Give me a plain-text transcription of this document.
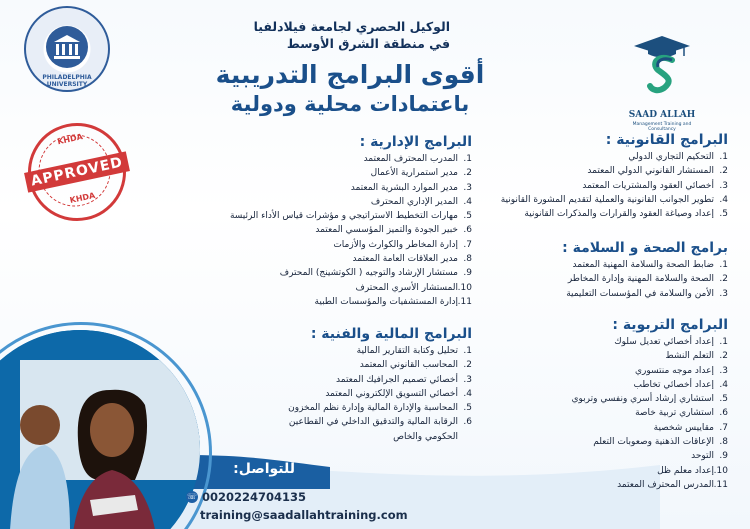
PHILADELPHIA UNIVERSITY
الوكيل الحصري لجامعة فيلادلفيا
في منطقة الشرق الأوسط
SAAD ALLAH
Management Training and Consultancy
أقوى البرامج التدريبية
باعتمادات محلية ودولية
KHDA
APPROVED
KHDA
البرامج القانونية :
1.التحكيم التجاري الدولي
2.المستشار القانوني الدولي المعتمد
3.أخصائي العقود والمشتريات المعتمد
4.تطوير الجوانب القانونية والعملية لتقديم المشورة القانونية
5.إعداد وصياغة العقود والقرارات والمذكرات القانونية
برامج الصحة و السلامة :
1.ضابط الصحة والسلامة المهنية المعتمد
2.الصحة والسلامة المهنية وإدارة المخاطر
3.الأمن والسلامة في المؤسسات التعليمية
البرامج التربوية :
1.إعداد أخصائي تعديل سلوك
2.التعلم النشط
3.إعداد موجه منتسوري
4.إعداد أخصائي تخاطب
5.استشاري إرشاد أسري ونفسي وتربوي
6.استشاري تربية خاصة
7.مقاييس شخصية
8.الإعاقات الذهنية وصعوبات التعلم
9.التوحد
10.إعداد معلم ظل
11.المدرس المحترف المعتمد
البرامج الإدارية :
1.المدرب المحترف المعتمد
2.مدير استمرارية الأعمال
3.مدير الموارد البشرية المعتمد
4.المدير الإداري المحترف
5.مهارات التخطيط الاستراتيجي و مؤشرات قياس الأداء الرئيسة
6.خبير الجودة والتميز المؤسسي المعتمد
7.إدارة المخاطر والكوارث والأزمات
8.مدير العلاقات العامة المعتمد
9.مستشار الإرشاد والتوجيه ( الكوتشينج) المحترف
10.المستشار الأسري المحترف
11.إدارة المستشفيات والمؤسسات الطبية
البرامج المالية والفنية :
1.تحليل وكتابة التقارير المالية
2.المحاسب القانوني المعتمد
3.أخصائي تصميم الجرافيك المعتمد
4.أخصائي التسويق الإلكتروني المعتمد
5.المحاسبة والإدارة المالية وإدارة نظم المخزون
6.الرقابة المالية والتدقيق الداخلي في القطاعين
الحكومي والخاص
للتواصل:
☏ 0020224704135
training@saadallahtraining.com
